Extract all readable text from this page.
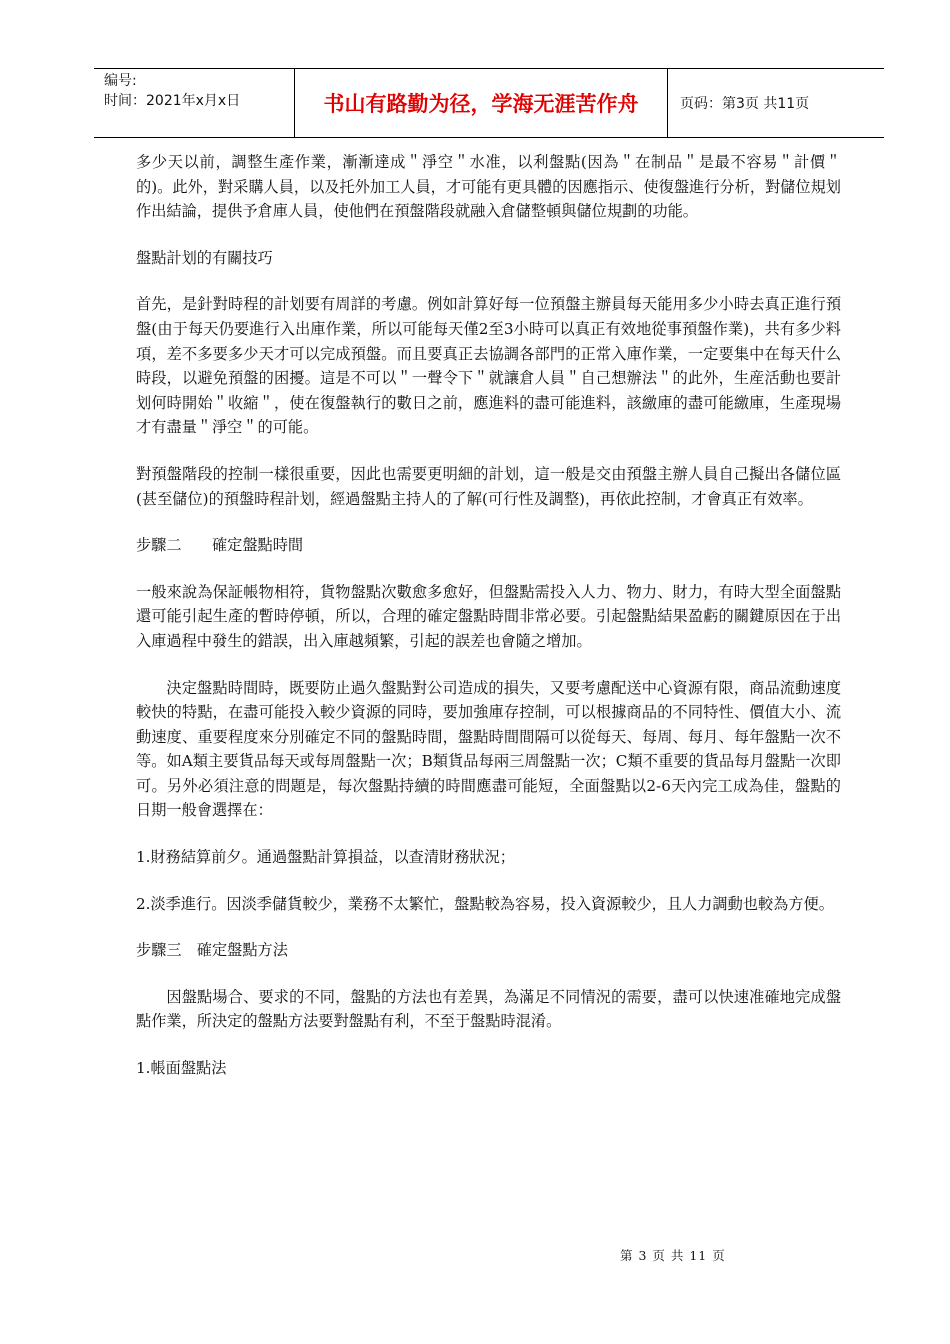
编号:
时间：2021年x月x日	书山有路勤为径，学海无涯苦作舟	页码：第3页 共11页

多少天以前，調整生產作業，漸漸達成＂淨空＂水准，以利盤點(因為＂在制品＂是最不容易＂計價＂的)。此外，對采購人員，以及托外加工人員，才可能有更具體的因應指示、使復盤進行分析，對儲位規划作出結論，提供予倉庫人員，使他們在預盤階段就融入倉儲整頓與儲位規劃的功能。

盤點計划的有關技巧

首先，是針對時程的計划要有周詳的考慮。例如計算好每一位預盤主辦員每天能用多少小時去真正進行預盤(由于每天仍要進行入出庫作業，所以可能每天僅2至3小時可以真正有效地從事預盤作業)，共有多少料項，差不多要多少天才可以完成預盤。而且要真正去協調各部門的正常入庫作業，一定要集中在每天什么時段，以避免預盤的困擾。這是不可以＂一聲令下＂就讓倉人員＂自己想辦法＂的此外，生産活動也要計划何時開始＂收縮＂，使在復盤執行的數日之前，應進料的盡可能進料，該繳庫的盡可能繳庫，生產現場才有盡量＂淨空＂的可能。

對預盤階段的控制一樣很重要，因此也需要更明細的計划，這一般是交由預盤主辦人員自己擬出各儲位區(甚至儲位)的預盤時程計划，經過盤點主持人的了解(可行性及調整)，再依此控制，才會真正有效率。

步驟二　　確定盤點時間

一般來說為保証帳物相符，貨物盤點次數愈多愈好，但盤點需投入人力、物力、財力，有時大型全面盤點還可能引起生產的暫時停頓，所以，合理的確定盤點時間非常必要。引起盤點結果盈虧的關鍵原因在于出入庫過程中發生的錯誤，出入庫越頻繁，引起的誤差也會隨之增加。

決定盤點時間時，既要防止過久盤點對公司造成的損失，又要考慮配送中心資源有限，商品流動速度較快的特點，在盡可能投入較少資源的同時，要加強庫存控制，可以根據商品的不同特性、價值大小、流動速度、重要程度來分別確定不同的盤點時間，盤點時間間隔可以從每天、每周、每月、每年盤點一次不等。如A類主要貨品每天或每周盤點一次；B類貨品每兩三周盤點一次；C類不重要的貨品每月盤點一次即可。另外必須注意的問題是，每次盤點持續的時間應盡可能短，全面盤點以2-6天內完工成為佳，盤點的日期一般會選擇在：

1.財務結算前夕。通過盤點計算損益，以查清財務狀況；

2.淡季進行。因淡季儲貨較少，業務不太繁忙，盤點較為容易，投入資源較少，且人力調動也較為方便。

步驟三　確定盤點方法

因盤點場合、要求的不同，盤點的方法也有差異，為滿足不同情況的需要，盡可以快速准確地完成盤點作業，所決定的盤點方法要對盤點有利，不至于盤點時混淆。

1.帳面盤點法

第 3 页 共 11 页
